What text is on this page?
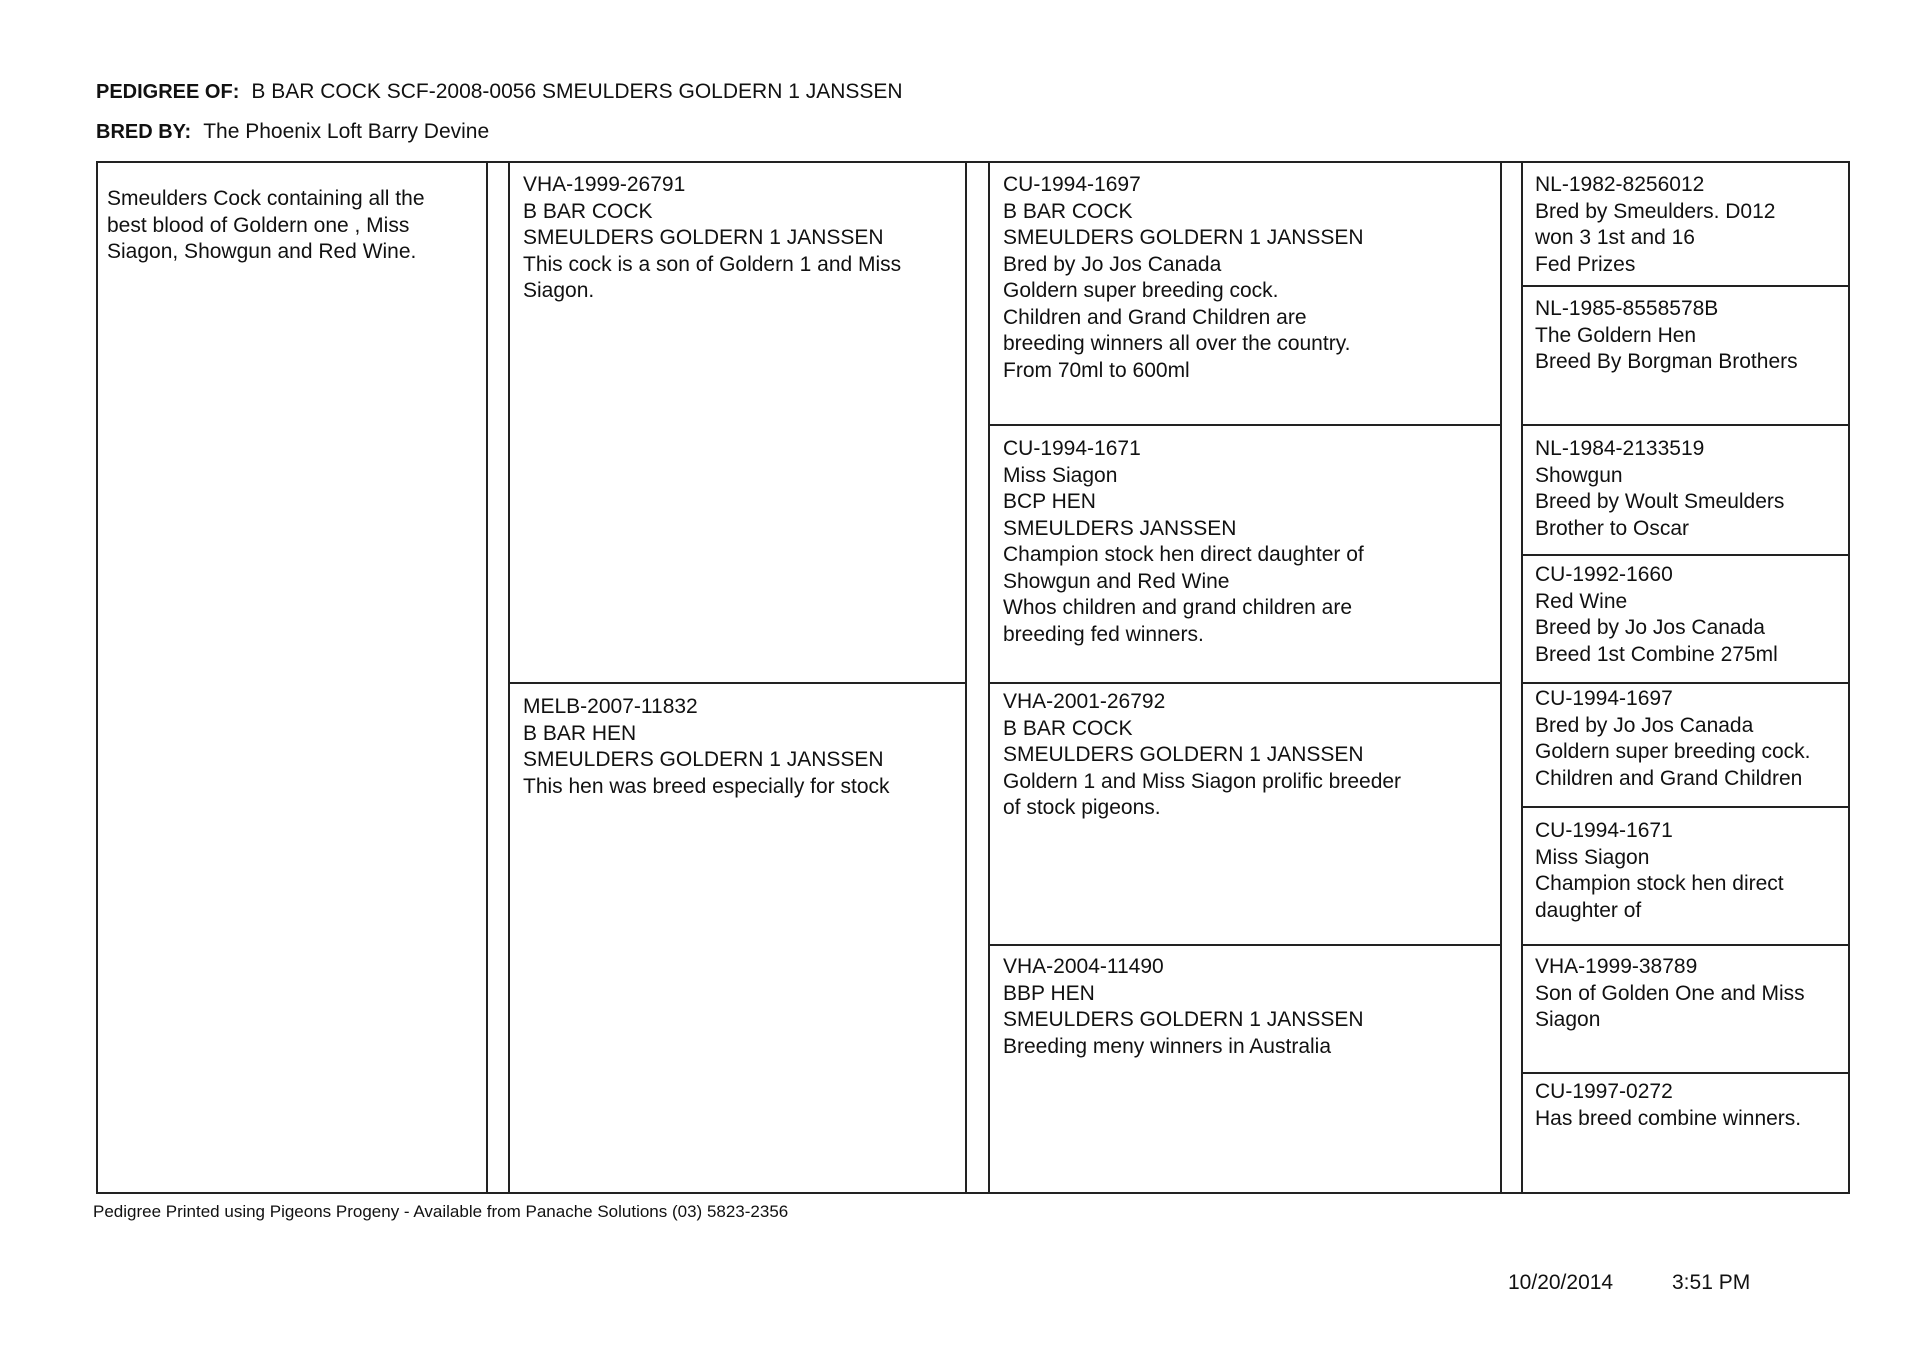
PEDIGREE OF: B BAR COCK SCF-2008-0056 SMEULDERS GOLDERN 1 JANSSEN
BRED BY: The Phoenix Loft Barry Devine
Smeulders Cock containing all the
best blood of Goldern one , Miss
Siagon, Showgun and Red Wine.
VHA-1999-26791
B BAR COCK
SMEULDERS GOLDERN 1 JANSSEN
This cock is a son of Goldern 1 and Miss
Siagon.
MELB-2007-11832
B BAR HEN
SMEULDERS GOLDERN 1 JANSSEN
This hen was breed especially for stock
CU-1994-1697
B BAR COCK
SMEULDERS GOLDERN 1 JANSSEN
Bred by Jo Jos Canada
Goldern super breeding cock.
Children and Grand Children are
breeding winners all over the country.
From 70ml to 600ml
CU-1994-1671
Miss Siagon
BCP HEN
SMEULDERS JANSSEN
Champion stock hen direct daughter of
Showgun and Red Wine
Whos children and grand children are
breeding fed winners.
VHA-2001-26792
B BAR COCK
SMEULDERS GOLDERN 1 JANSSEN
Goldern 1 and Miss Siagon prolific breeder
of stock pigeons.
VHA-2004-11490
BBP HEN
SMEULDERS GOLDERN 1 JANSSEN
Breeding meny winners in Australia
NL-1982-8256012
Bred by Smeulders. D012
won 3 1st and 16
Fed Prizes
NL-1985-8558578B
The Goldern Hen
Breed By Borgman Brothers
NL-1984-2133519
Showgun
Breed by Woult Smeulders
Brother to Oscar
CU-1992-1660
Red Wine
Breed by Jo Jos Canada
Breed 1st Combine 275ml
CU-1994-1697
Bred by Jo Jos Canada
Goldern super breeding cock.
Children and Grand Children
CU-1994-1671
Miss Siagon
Champion stock hen direct
daughter of
VHA-1999-38789
Son of Golden One and Miss
Siagon
CU-1997-0272
Has breed combine winners.
Pedigree Printed using Pigeons Progeny - Available from Panache Solutions (03) 5823-2356
10/20/2014	3:51 PM
